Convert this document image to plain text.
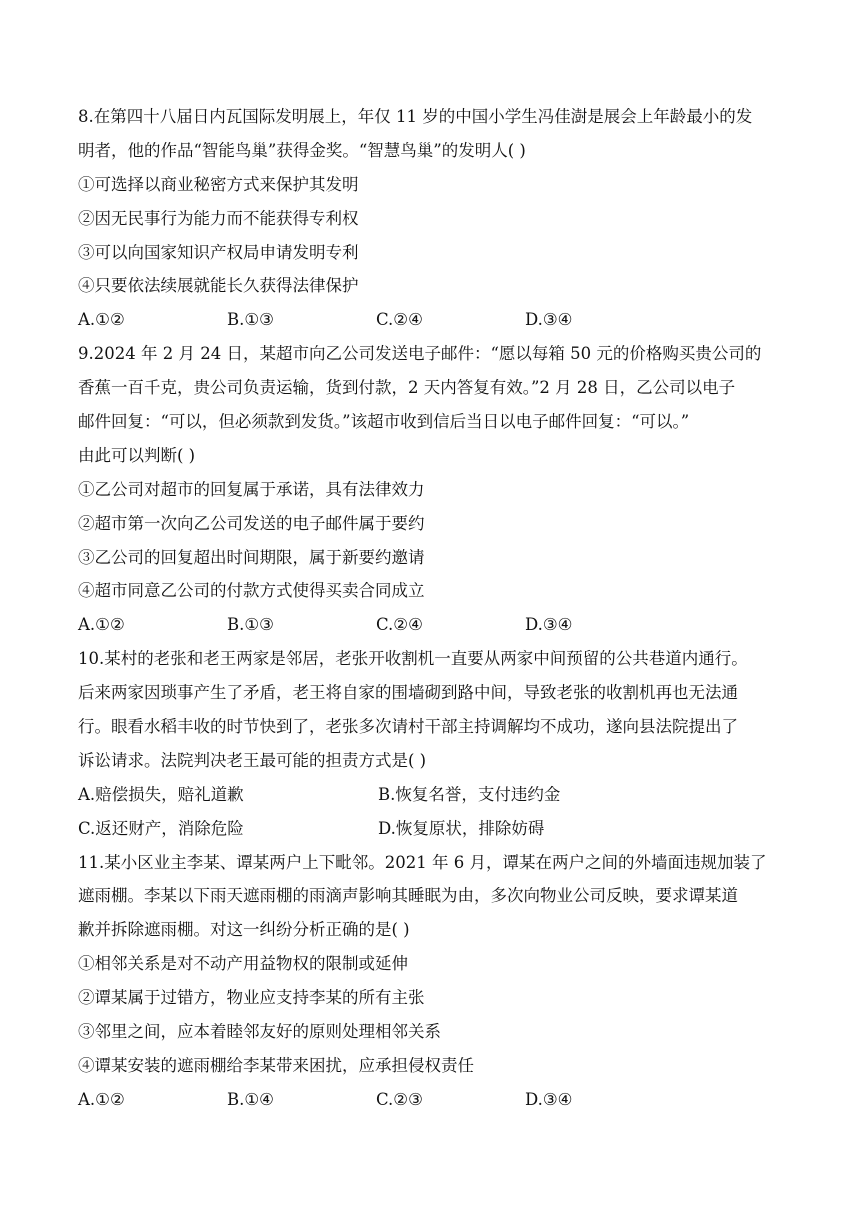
8.在第四十八届日内瓦国际发明展上，年仅 11 岁的中国小学生冯佳澍是展会上年龄最小的发
明者，他的作品“智能鸟巢”获得金奖。“智慧鸟巢”的发明人( )
①可选择以商业秘密方式来保护其发明
②因无民事行为能力而不能获得专利权
③可以向国家知识产权局申请发明专利
④只要依法续展就能长久获得法律保护
A.①②	B.①③	C.②④	D.③④
9.2024 年 2 月 24 日，某超市向乙公司发送电子邮件：“愿以每箱 50 元的价格购买贵公司的
香蕉一百千克，贵公司负责运输，货到付款，2 天内答复有效。”2 月 28 日，乙公司以电子
邮件回复：“可以，但必须款到发货。”该超市收到信后当日以电子邮件回复：“可以。”
由此可以判断( )
①乙公司对超市的回复属于承诺，具有法律效力
②超市第一次向乙公司发送的电子邮件属于要约
③乙公司的回复超出时间期限，属于新要约邀请
④超市同意乙公司的付款方式使得买卖合同成立
A.①②	B.①③	C.②④	D.③④
10.某村的老张和老王两家是邻居，老张开收割机一直要从两家中间预留的公共巷道内通行。
后来两家因琐事产生了矛盾，老王将自家的围墙砌到路中间，导致老张的收割机再也无法通
行。眼看水稻丰收的时节快到了，老张多次请村干部主持调解均不成功，遂向县法院提出了
诉讼请求。法院判决老王最可能的担责方式是( )
A.赔偿损失，赔礼道歉	B.恢复名誉，支付违约金
C.返还财产，消除危险	D.恢复原状，排除妨碍
11.某小区业主李某、谭某两户上下毗邻。2021 年 6 月，谭某在两户之间的外墙面违规加装了
遮雨棚。李某以下雨天遮雨棚的雨滴声影响其睡眠为由，多次向物业公司反映，要求谭某道
歉并拆除遮雨棚。对这一纠纷分析正确的是( )
①相邻关系是对不动产用益物权的限制或延伸
②谭某属于过错方，物业应支持李某的所有主张
③邻里之间，应本着睦邻友好的原则处理相邻关系
④谭某安装的遮雨棚给李某带来困扰，应承担侵权责任
A.①②	B.①④	C.②③	D.③④
